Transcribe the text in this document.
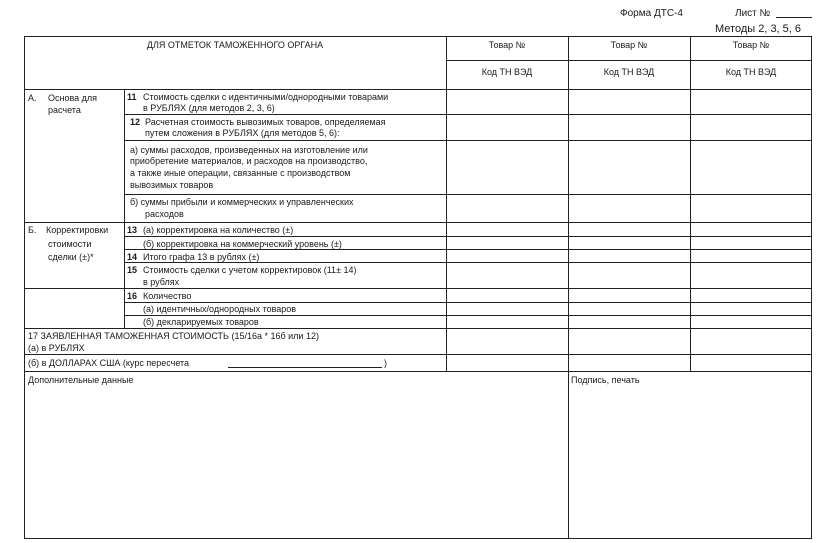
Форма ДТС-4	Лист №
Методы 2, 3, 5, 6
ДЛЯ ОТМЕТОК ТАМОЖЕННОГО ОРГАНА	Товар №	Товар №	Товар №
Код ТН ВЭД	Код ТН ВЭД	Код ТН ВЭД
А. Основа для
расчета
11 Стоимость сделки с идентичными/однородными товарами
в РУБЛЯХ (для методов 2, 3, 6)
12 Расчетная стоимость вывозимых товаров, определяемая
путем сложения в РУБЛЯХ (для методов 5, 6):
а) суммы расходов, произведенных на изготовление или
приобретение материалов, и расходов на производство,
а также иные операции, связанные с производством
вывозимых товаров
б) суммы прибыли и коммерческих и управленческих
расходов
Б. Корректировки
стоимости
сделки (±)*
13 (а) корректировка на количество (±)
(б) корректировка на коммерческий уровень (±)
14 Итого графа 13 в рублях (±)
15 Стоимость сделки с учетом корректировок (11± 14)
в рублях
16 Количество
(а) идентичных/однородных товаров
(б) декларируемых товаров
17 ЗАЯВЛЕННАЯ ТАМОЖЕННАЯ СТОИМОСТЬ (15/16а * 16б или 12)
(а) в РУБЛЯХ
(б) в ДОЛЛАРАХ США (курс пересчета	)
Дополнительные данные	Подпись, печать
